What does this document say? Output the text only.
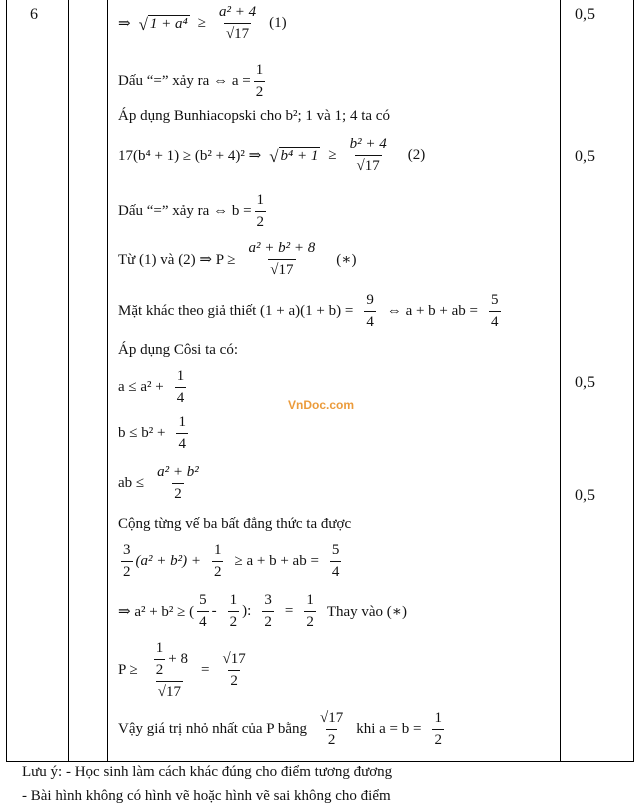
6	0,5
0,5
0,5
0,5
VnDoc.com
⇒ √ $1 + a^4 \ge \frac{\text{a² + 4}}{√17} (1)$
Dấu “=” xảy ra ⇔ $a = \frac{1}{2}$
Áp dụng Bunhiacopski cho b²; 1 và 1; 4 ta có
17(b⁴ + 1) ≥ (b² + 4)² ⇒ √ $b^4 + 1 \ge \frac{\text{b² + 4}}{√17} (2)$
Dấu “=” xảy ra ⇔ $b = \frac{1}{2}$
Từ (1) và (2) ⇒ $P \ge \frac{\text{a² + b² + 8}}{√17}$ (∗)
Mặt khác theo giả thiết $(1 + a)(1 + b) = \frac{9}{4}$ ⇔ a + b + ab = $\frac{5}{4}$
Áp dụng Côsi ta có:
$a \le a^2 + \frac{1}{4}$
$b \le b^2 + \frac{1}{4}$
ab ≤ $\frac{\text{a² + b²}}{2}$
Cộng từng vế ba bất đẳng thức ta được
$\frac{3}{2} (a^2 + b^2) + \frac{1}{2} \ge a + b$ + ab = $\frac{5}{4}$
⇒ a² + b² ≥ ( $\frac{5}{4} - \frac{1}{2}$ ): $\frac{3}{2} = \frac{1}{2}$ Thay vào (∗)
$P \ge \frac{\frac{1}{2} + 8}{√17} = \frac{√17}{2}$
Vậy giá trị nhỏ nhất của P bằng $\frac{√17}{2}$ khi $a = b = \frac{1}{2}$
Lưu ý: - Học sinh làm cách khác đúng cho điểm tương đương
- Bài hình không có hình vẽ hoặc hình vẽ sai không cho điểm
